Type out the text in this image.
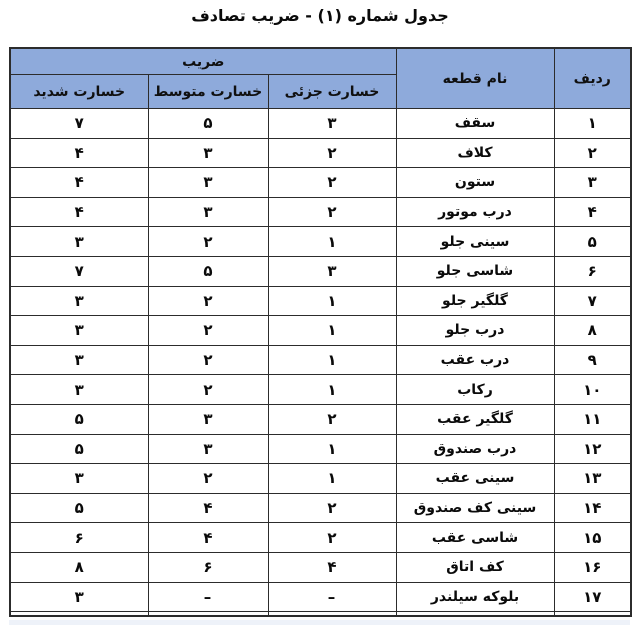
جدول شماره (۱) - ضریب تصادف
ردیف	نام قطعه	ضریب		
		خسارت جزئی	خسارت متوسط	خسارت شدید
۱	سقف	۳	۵	۷
۲	کلاف	۲	۳	۴
۳	ستون	۲	۳	۴
۴	درب موتور	۲	۳	۴
۵	سینی جلو	۱	۲	۳
۶	شاسی جلو	۳	۵	۷
۷	گلگیر جلو	۱	۲	۳
۸	درب جلو	۱	۲	۳
۹	درب عقب	۱	۲	۳
۱۰	رکاب	۱	۲	۳
۱۱	گلگیر عقب	۲	۳	۵
۱۲	درب صندوق	۱	۳	۵
۱۳	سینی عقب	۱	۲	۳
۱۴	سینی کف صندوق	۲	۴	۵
۱۵	شاسی عقب	۲	۴	۶
۱۶	کف اتاق	۴	۶	۸
۱۷	بلوکه سیلندر	–	–	۳
